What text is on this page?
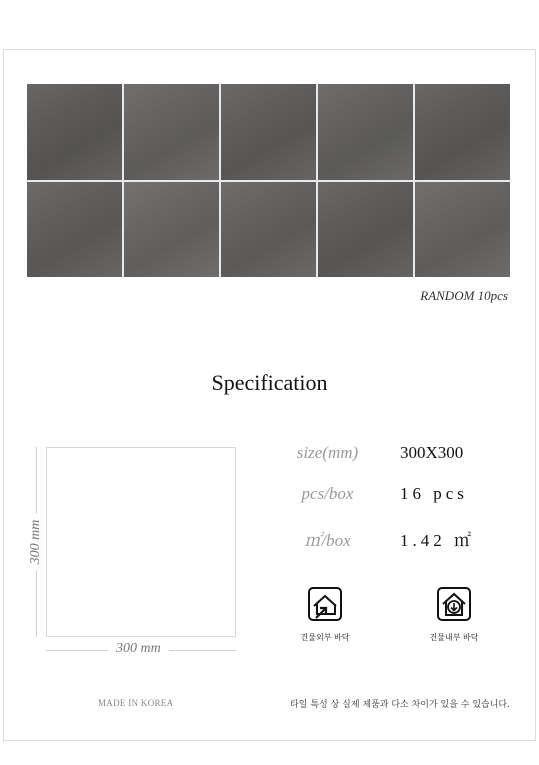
RANDOM 10pcs
Specification
300 mm
300 mm
size(mm)	300X300
pcs/box	16 pcs
㎡/box	1.42 ㎡
건물외부 바닥	건물내부 바닥
MADE IN KOREA	타일 특성 상 실제 제품과 다소 차이가 있을 수 있습니다.
